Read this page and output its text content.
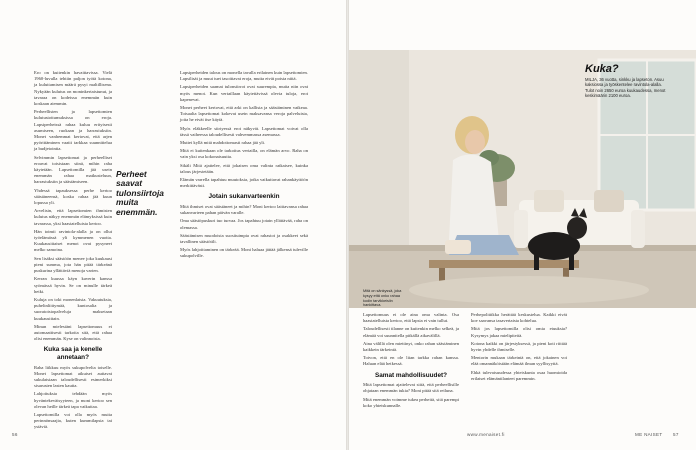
Ero on kuitenkin havaittavissa. Vielä 1960-luvulla tehtiin paljon työtä kotona, ja kuluttamisen määrä pysyi maltillisena. Nykyään kulutus on moninkertaistunut, ja tavaraa on kodeissa enemmän kuin koskaan aiemmin.

Perheellisten ja lapsettomien kulutustottumuksissa on eroja. Lapsiperheissä rahaa kuluu erityisesti asumiseen, ruokaan ja harrastuksiin. Monet vanhemmat kertovat, että arjen pyörittäminen vaatii tarkkaa suunnittelua ja budjetointia.

Selvimmin lapsettomat ja perheelliset eroavat toisistaan siinä, mihin raha käytetään. Lapsettomilla jää usein enemmän rahaa matkusteluun, harrastuksiin ja säästämiseen.

Yhdessä tapauksessa perhe kertoo säästäneensä, koska rahaa jää kuun lopussa yli.

Arvelisin, että lapsettomien ihmisten kulutus näkyy enemmän elämyksissä kuin tavarassa, yksi haastatelluista kertoo.

Hän toimii ravintola-alalla ja on ollut työelämässä yli kymmenen vuotta. Kuukausittaiset menot ovat pysyneet melko samoina.

Sen lisäksi säästöön menee joka kuukausi pieni summa, jota hän pitää tärkeänä puskurina yllättäviä menoja varten.

Kerran kuussa käyn kaverin kanssa syömässä hyvin. Se on minulle tärkeä hetki.

Kuluja on toki monenlaisia. Vakuutuksia, puhelinliittymää, kuntosalia ja suoratoistopalveluja maksetaan kuukausittain.

Minun mielestäni lapsettomuus ei automaattisesti tarkoita sitä, että rahaa olisi enemmän. Kyse on valinnoista.

Kuka saa ja kenelle annetaan?

Raha liikkuu myös sukupolvelta toiselle. Monet lapsettomat aikuiset auttavat sukulaisiaan taloudellisesti esimerkiksi sisarusten lasten kautta.

Lahjoituksia tehdään myös hyväntekeväisyyteen, ja moni kertoo sen olevan heille tärkeä tapa vaikuttaa.

Lapsettomilla voi olla myös muita perinnönsaajia, kuten kummilapsia tai ystäviä.

Perheet saavat tulonsiirtoja muita enemmän.

Lapsiperheiden talous on monella tavalla erilainen kuin lapsettomien. Lapsilisät ja muut tuet tasoittavat eroja, mutta eivät poista niitä.

Lapsiperheiden saamat tulonsiirrot ovat suurempia, mutta niin ovat myös menot. Kun vertaillaan käytettävissä olevia tuloja, erot kapenevat.

Monet perheet kertovat, että arki on kallista ja säästäminen vaikeaa. Toisaalta lapsettomat kokevat usein maksavansa veroja palveluista, joita he eivät itse käytä.

Myös eläkkeelle siirtyessä erot näkyvät. Lapsettomat voivat olla tässä vaiheessa taloudellisesti vahvemmassa asemassa.

Muttei kyllä mitä mahdottomasti rahaa jää yli.

Mitä ei kuitenkaan ole tarkoitus vertailla, on elämän arvo. Raha on vain yksi osa kokonaisuutta.

Sikäli Mitä ajattelee, että jokaisen oma valinta ratkaisee, kuinka talous järjestetään.

Elämän varrella tapahtuu muutoksia, jotka vaikuttavat rahankäyttöön merkittävästi.

Jotain sukanvarteenkin

Mitä ihmiset ovat säästäneet ja mihin? Moni kertoo laittavansa rahaa sukanvarteen pahan päivän varalle.

Oma säästöpuskuri tuo turvaa. Jos tapahtuu jotain yllättävää, raha on olemassa.

Säästämisen muodoista suosituimpia ovat rahastot ja osakkeet sekä tavallinen säästötili.

Myös lahjoittaminen on tärkeää. Moni haluaa jättää jälkensä tuleville sukupolville.

56
Mitä on sänkyssä, joka kysyy että onko rahaa kodin tarvikkeisiin hankittava.
Kuka?
MILJA, 36 vuotta, sinkku ja lapseton. Asuu kaksiossa ja työskentelee ravintola-alalla. Tulot noin 2650 euroa kuukaudessa, menot keskimäärin 2100 euroa.

Lapsettomuus ei ole aina oma valinta. Osa haastatelluista kertoo, että lapsia ei vain tullut.

Taloudellisesti tilanne on kuitenkin melko selkeä, ja elämää voi suunnitella pitkällä aikavälillä.

Aina välillä olen miettinyt, onko rahan säästäminen kaikkein tärkeintä.

Toivon, että en ole liian tarkka rahan kanssa. Haluan elää hetkessä.

Samat mahdollisuudet?

Mitä lapsettomat ajattelevat siitä, että perheellisille ohjataan enemmän tukia? Moni pitää sitä reiluna.

Mitä enemmän voimme tukea perheitä, sitä parempi koko yhteiskunnalle.

Perhepolitiikka herättää keskustelua. Kaikki eivät koe saavansa tasavertaista kohtelua.

Mitä jos lapsettomilla olisi omia etuuksia? Kysymys jakaa mielipiteitä.

Kotona kaikki on järjestyksessä, ja pieni koti riittää hyvin yhdelle ihmiselle.

Mentorin mukaan tärkeintä on, että jokainen voi elää omannäköistään elämää ilman syyllisyyttä.

Ehkä tulevaisuudessa yhteiskunta osaa huomioida erilaiset elämäntilanteet paremmin.

www.menaiset.fi	ME NAISET 57
